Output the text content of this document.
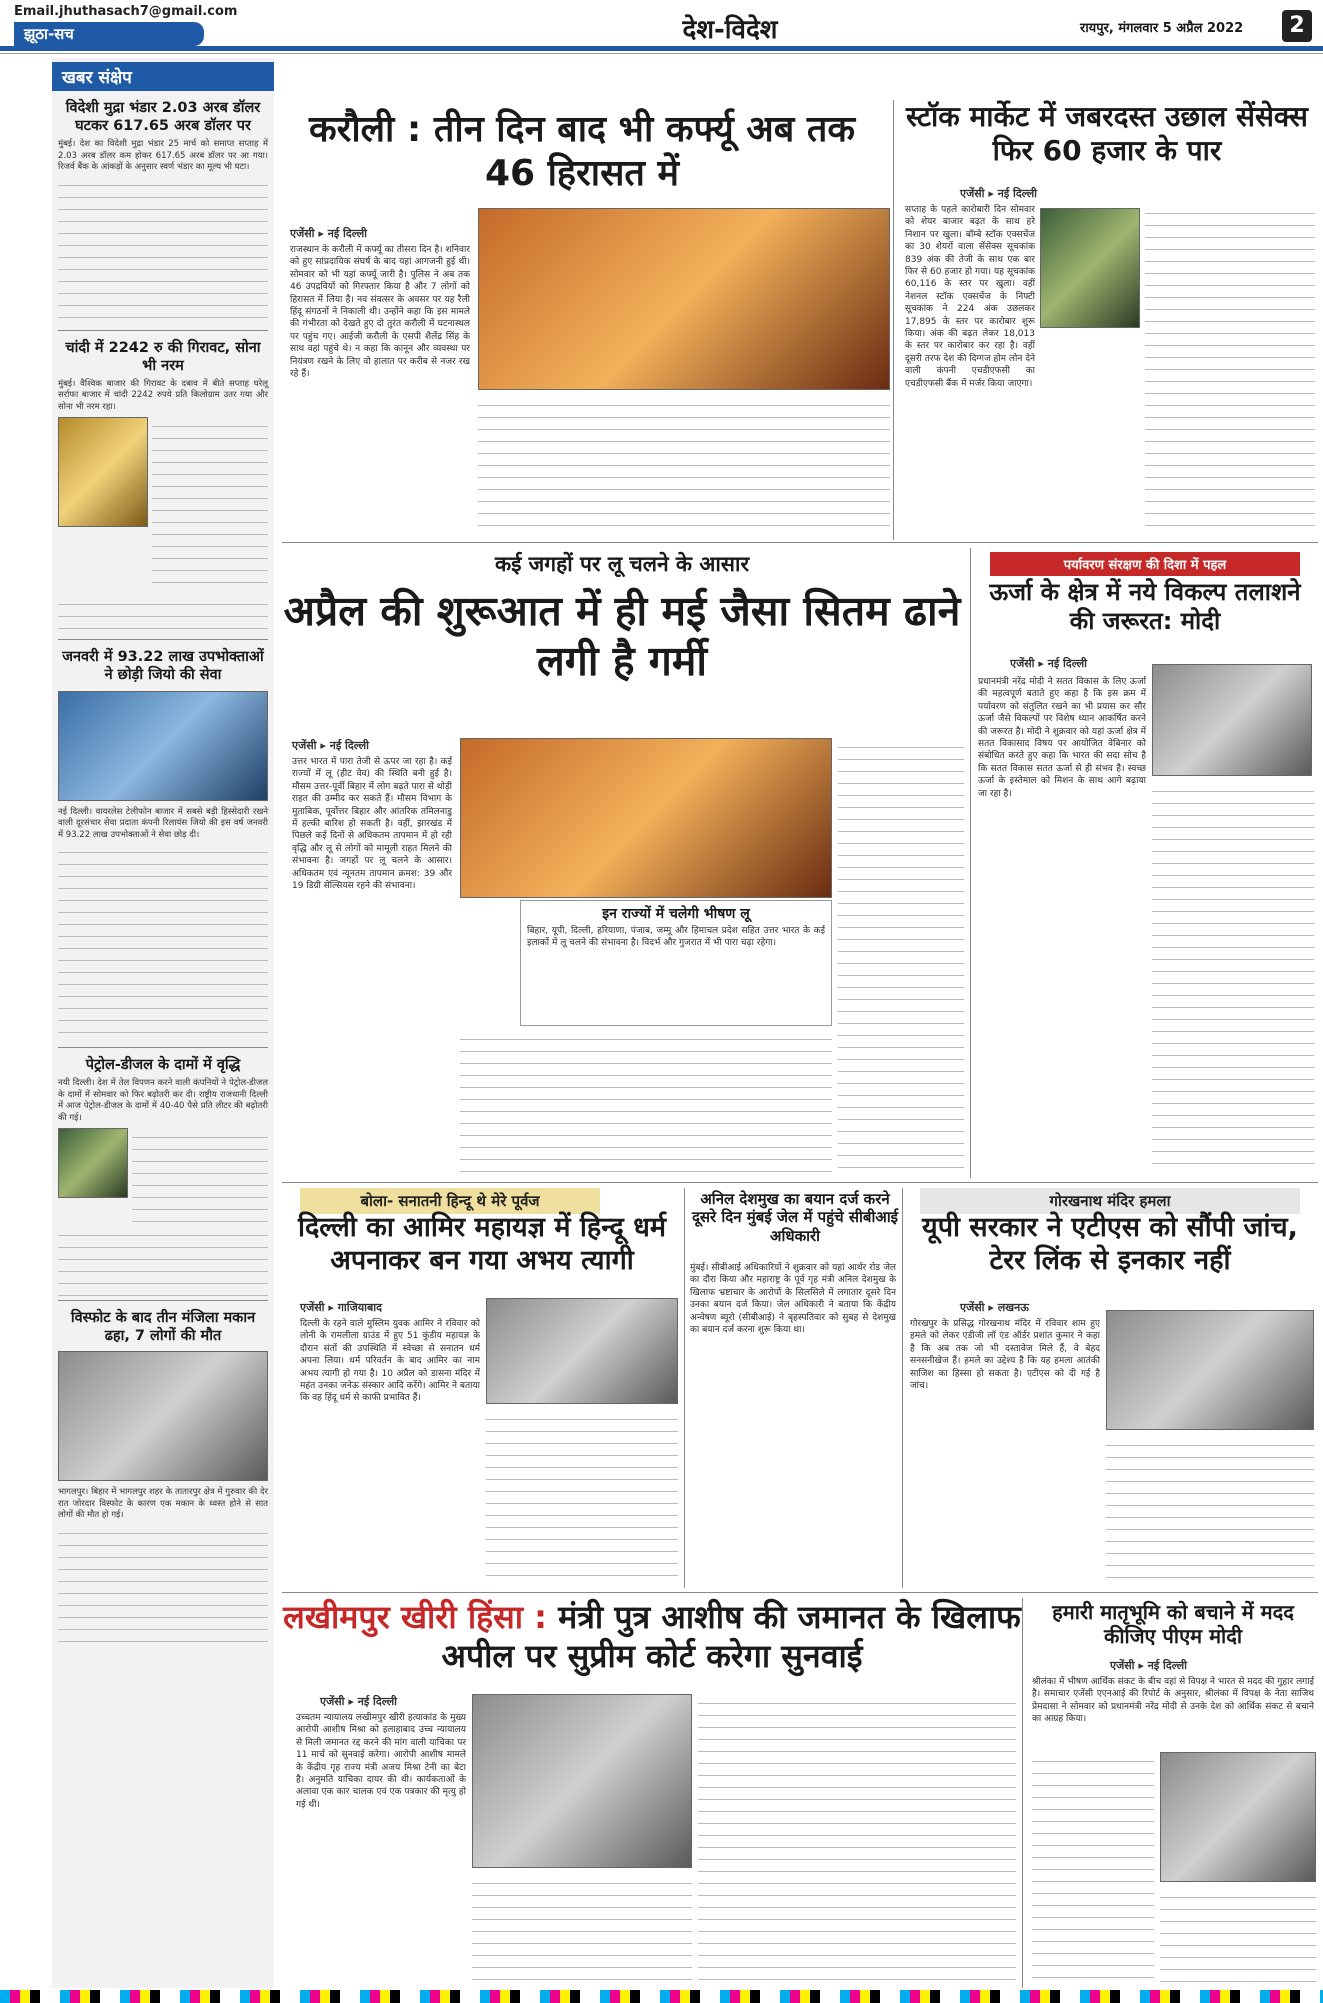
Email.jhuthasach7@gmail.com
झूठा-सच	देश-विदेश	रायपुर, मंगलवार 5 अप्रैल 2022	2
खबर संक्षेप
विदेशी मुद्रा भंडार 2.03 अरब डॉलर घटकर 617.65 अरब डॉलर पर
मुंबई। देश का विदेशी मुद्रा भंडार 25 मार्च को समाप्त सप्ताह में 2.03 अरब डॉलर कम होकर 617.65 अरब डॉलर पर आ गया। रिजर्व बैंक के आंकड़ों के अनुसार स्वर्ण भंडार का मूल्य भी घटा।
चांदी में 2242 रु की गिरावट, सोना भी नरम
मुंबई। वैश्विक बाजार की गिरावट के दबाव में बीते सप्ताह घरेलू सर्राफा बाजार में चांदी 2242 रुपये प्रति किलोग्राम उतर गया और सोना भी नरम रहा।
जनवरी में 93.22 लाख उपभोक्ताओं ने छोड़ी जियो की सेवा
नई दिल्ली। वायरलेस टेलीफोन बाजार में सबसे बड़ी हिस्सेदारी रखने वाली दूरसंचार सेवा प्रदाता कंपनी रिलायंस जियो की इस वर्ष जनवरी में 93.22 लाख उपभोक्ताओं ने सेवा छोड़ दी।
पेट्रोल-डीजल के दामों में वृद्धि
नयी दिल्ली। देश में तेल विपणन करने वाली कंपनियों ने पेट्रोल-डीजल के दामों में सोमवार को फिर बढ़ोतरी कर दी। राष्ट्रीय राजधानी दिल्ली में आज पेट्रोल-डीजल के दामों में 40-40 पैसे प्रति लीटर की बढ़ोतरी की गई।
विस्फोट के बाद तीन मंजिला मकान ढहा, 7 लोगों की मौत
भागलपुर। बिहार में भागलपुर शहर के तातारपुर क्षेत्र में गुरुवार की देर रात जोरदार विस्फोट के कारण एक मकान के ध्वस्त होने से सात लोगों की मौत हो गई।
करौली : तीन दिन बाद भी कर्फ्यू अब तक 46 हिरासत में
एजेंसी ▸ नई दिल्ली
राजस्थान के करौली में कर्फ्यू का तीसरा दिन है। शनिवार को हुए सांप्रदायिक संघर्ष के बाद यहां आगजनी हुई थी। सोमवार को भी यहां कर्फ्यू जारी है। पुलिस ने अब तक 46 उपद्रवियों को गिरफ्तार किया है और 7 लोगों को हिरासत में लिया है। नव संवत्सर के अवसर पर यह रैली हिंदू संगठनों ने निकाली थी। उन्होंने कहा कि इस मामले की गंभीरता को देखते हुए दो तुरंत करौली में घटनास्थल पर पहुंच गए। आईजी करौली के एसपी शैलेंद्र सिंह के साथ वहां पहुंचे थे। न कहा कि कानून और व्यवस्था पर नियंत्रण रखने के लिए वो हालात पर करीब से नजर रख रहे हैं।
स्टॉक मार्केट में जबरदस्त उछाल सेंसेक्स फिर 60 हजार के पार
एजेंसी ▸ नई दिल्ली
सप्ताह के पहले कारोबारी दिन सोमवार को शेयर बाजार बढ़त के साथ हरे निशान पर खुला। बॉम्बे स्टॉक एक्सचेंज का 30 शेयरों वाला सेंसेक्स सूचकांक 839 अंक की तेजी के साथ एक बार फिर से 60 हजार हो गया। यह सूचकांक 60,116 के स्तर पर खुला। वहीं नेशनल स्टॉक एक्सचेंज के निफ्टी सूचकांक ने 224 अंक उछलकर 17,895 के स्तर पर कारोबार शुरू किया। अंक की बढ़त लेकर 18,013 के स्तर पर कारोबार कर रहा है। वहीं दूसरी तरफ देश की दिग्गज होम लोन देने वाली कंपनी एचडीएफसी का एचडीएफसी बैंक में मर्जर किया जाएगा।
कई जगहों पर लू चलने के आसार
अप्रैल की शुरूआत में ही मई जैसा सितम ढाने लगी है गर्मी
एजेंसी ▸ नई दिल्ली
उत्तर भारत में पारा तेजी से ऊपर जा रहा है। कई राज्यों में लू (हीट वेव) की स्थिति बनी हुई है। मौसम उत्तर-पूर्वी बिहार में लोग बढ़ते पारा से थोड़ी राहत की उम्मीद कर सकते हैं। मौसम विभाग के मुताबिक, पूर्वोत्तर बिहार और आंतरिक तमिलनाडु में हल्की बारिश हो सकती है। वहीं, झारखंड में पिछले कई दिनों से अधिकतम तापमान में हो रही वृद्धि और लू से लोगों को मामूली राहत मिलने की संभावना है। जगहों पर लू चलने के आसार। अधिकतम एवं न्यूनतम तापमान क्रमश: 39 और 19 डिग्री सेल्सियस रहने की संभावना।
इन राज्यों में चलेगी भीषण लू
बिहार, यूपी, दिल्ली, हरियाणा, पंजाब, जम्मू और हिमाचल प्रदेश सहित उत्तर भारत के कई इलाकों में लू चलने की संभावना है। विदर्भ और गुजरात में भी पारा चढ़ा रहेगा।
पर्यावरण संरक्षण की दिशा में पहल
ऊर्जा के क्षेत्र में नये विकल्प तलाशने की जरूरत: मोदी
एजेंसी ▸ नई दिल्ली
प्रधानमंत्री नरेंद्र मोदी ने सतत विकास के लिए ऊर्जा की महत्वपूर्ण बताते हुए कहा है कि इस क्रम में पर्यावरण को संतुलित रखने का भी प्रयास कर सौर ऊर्जा जैसे विकल्पों पर विशेष ध्यान आकर्षित करने की जरूरत है। मोदी ने शुक्रवार को यहां ऊर्जा क्षेत्र में सतत विकासाद विषय पर आयोजित वेबिनार को संबोधित करते हुए कहा कि भारत की सदा सोच है कि सतत विकास सतत ऊर्जा से ही संभव है। स्वच्छ ऊर्जा के इस्तेमाल को मिशन के साथ आगे बढ़ाया जा रहा है।
बोला- सनातनी हिन्दू थे मेरे पूर्वज
दिल्ली का आमिर महायज्ञ में हिन्दू धर्म अपनाकर बन गया अभय त्यागी
एजेंसी ▸ गाजियाबाद
दिल्ली के रहने वाले मुस्लिम युवक आमिर ने रविवार को लोनी के रामलीला ग्राउंड में हुए 51 कुंडीय महायज्ञ के दौरान संतों की उपस्थिति में स्वेच्छा से सनातन धर्म अपना लिया। धर्म परिवर्तन के बाद आमिर का नाम अभय त्यागी हो गया है। 10 अप्रैल को डासना मंदिर में महंत उनका जनेऊ संस्कार आदि करेंगे। आमिर ने बताया कि वह हिंदू धर्म से काफी प्रभावित हैं।
अनिल देशमुख का बयान दर्ज करने दूसरे दिन मुंबई जेल में पहुंचे सीबीआई अधिकारी
मुंबई। सीबीआई अधिकारियों ने शुक्रवार को यहां आर्थर रोड जेल का दौरा किया और महाराष्ट्र के पूर्व गृह मंत्री अनिल देशमुख के खिलाफ भ्रष्टाचार के आरोपों के सिलसिले में लगातार दूसरे दिन उनका बयान दर्ज किया। जेल अधिकारी ने बताया कि केंद्रीय अन्वेषण ब्यूरो (सीबीआई) ने बृहस्पतिवार को सुबह से देशमुख का बयान दर्ज करना शुरू किया था।
गोरखनाथ मंदिर हमला
यूपी सरकार ने एटीएस को सौंपी जांच, टेरर लिंक से इनकार नहीं
एजेंसी ▸ लखनऊ
गोरखपुर के प्रसिद्ध गोरखनाथ मंदिर में रविवार शाम हुए हमले को लेकर एडीजी लॉ एंड ऑर्डर प्रशांत कुमार ने कहा है कि अब तक जो भी दस्तावेज मिले हैं, वे बेहद सनसनीखेज हैं। हमले का उद्देश्य है कि यह हमला आतंकी साजिश का हिस्सा हो सकता है। एटीएस को दी गई है जांच।
लखीमपुर खीरी हिंसा : मंत्री पुत्र आशीष की जमानत के खिलाफ अपील पर सुप्रीम कोर्ट करेगा सुनवाई
एजेंसी ▸ नई दिल्ली
उच्चतम न्यायालय लखीमपुर खीरी हत्याकांड के मुख्य आरोपी आशीष मिश्रा को इलाहाबाद उच्च न्यायालय से मिली जमानत रद्द करने की मांग वाली याचिका पर 11 मार्च को सुनवाई करेगा। आरोपी आशीष मामले के केंद्रीय गृह राज्य मंत्री अजय मिश्रा टेनी का बेटा है। अनुमति याचिका दायर की थी। कार्यकताओं के अलावा एक कार चालक एवं एक पत्रकार की मृत्यु हो गई थी।
हमारी मातृभूमि को बचाने में मदद कीजिए पीएम मोदी
एजेंसी ▸ नई दिल्ली
श्रीलंका में भीषण आर्थिक संकट के बीच वहां से विपक्ष ने भारत से मदद की गुहार लगाई है। समाचार एजेंसी एएनआई की रिपोर्ट के अनुसार, श्रीलंका में विपक्ष के नेता साजिथ प्रेमदासा ने सोमवार को प्रधानमंत्री नरेंद्र मोदी से उनके देश को आर्थिक संकट से बचाने का आग्रह किया।
